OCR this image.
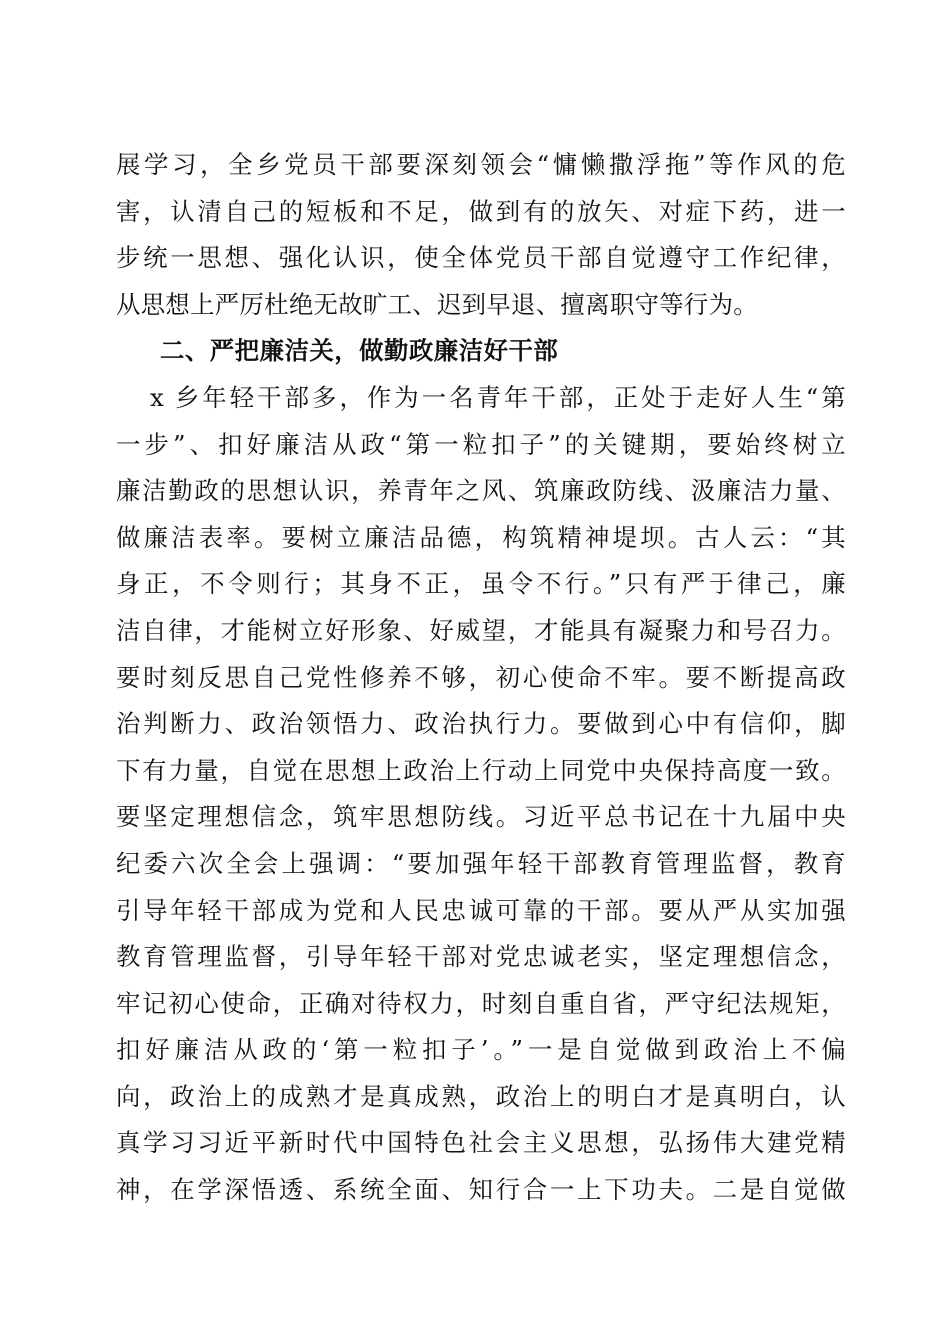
展学习，全乡党员干部要深刻领会“慵懒撒浮拖”等作风的危
害，认清自己的短板和不足，做到有的放矢、对症下药，进一
步统一思想、强化认识，使全体党员干部自觉遵守工作纪律，
从思想上严厉杜绝无故旷工、迟到早退、擅离职守等行为。
二、严把廉洁关，做勤政廉洁好干部
x 乡年轻干部多，作为一名青年干部，正处于走好人生“第
一步”、扣好廉洁从政“第一粒扣子”的关键期，要始终树立
廉洁勤政的思想认识，养青年之风、筑廉政防线、汲廉洁力量、
做廉洁表率。要树立廉洁品德，构筑精神堤坝。古人云：“其
身正，不令则行；其身不正，虽令不行。”只有严于律己，廉
洁自律，才能树立好形象、好威望，才能具有凝聚力和号召力。
要时刻反思自己党性修养不够，初心使命不牢。要不断提高政
治判断力、政治领悟力、政治执行力。要做到心中有信仰，脚
下有力量，自觉在思想上政治上行动上同党中央保持高度一致。
要坚定理想信念，筑牢思想防线。习近平总书记在十九届中央
纪委六次全会上强调：“要加强年轻干部教育管理监督，教育
引导年轻干部成为党和人民忠诚可靠的干部。要从严从实加强
教育管理监督，引导年轻干部对党忠诚老实，坚定理想信念，
牢记初心使命，正确对待权力，时刻自重自省，严守纪法规矩，
扣好廉洁从政的‘第一粒扣子’。”一是自觉做到政治上不偏
向，政治上的成熟才是真成熟，政治上的明白才是真明白，认
真学习习近平新时代中国特色社会主义思想，弘扬伟大建党精
神，在学深悟透、系统全面、知行合一上下功夫。二是自觉做
